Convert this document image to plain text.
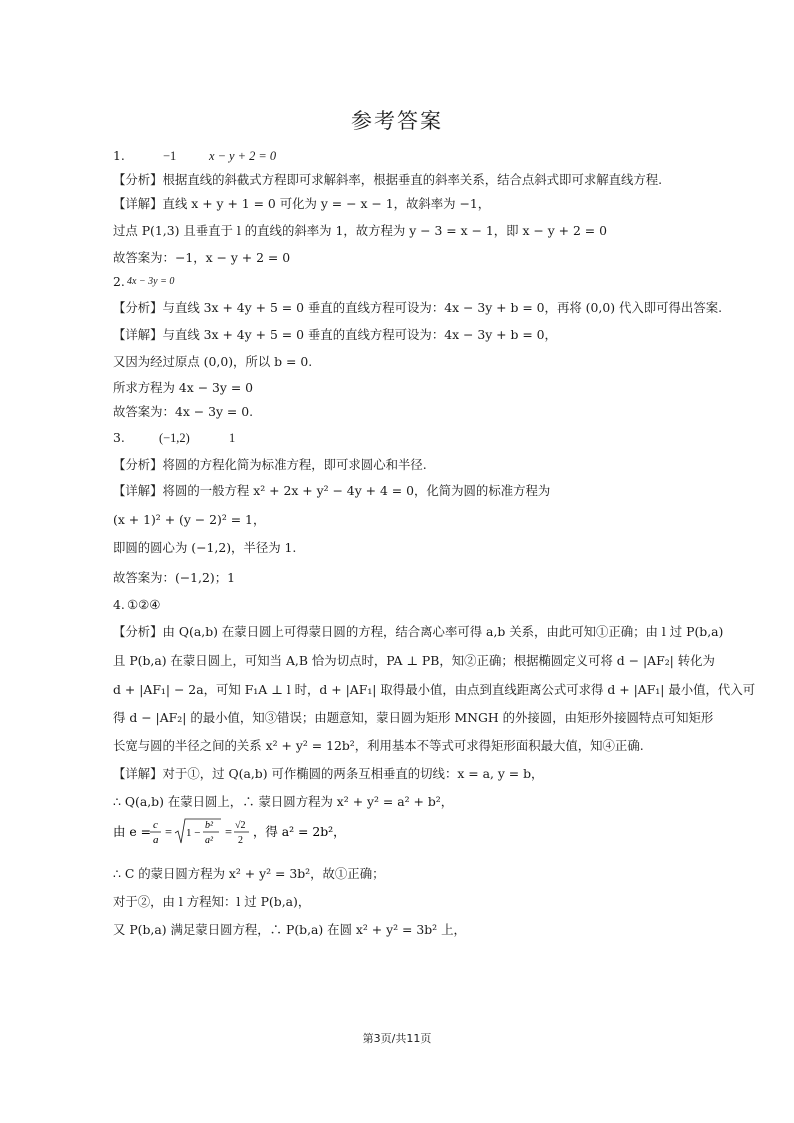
参考答案
1.	−1	x − y + 2 = 0
【分析】根据直线的斜截式方程即可求解斜率，根据垂直的斜率关系，结合点斜式即可求解直线方程.
【详解】直线 x + y + 1 = 0 可化为 y = − x − 1，故斜率为 −1，
过点 P(1,3) 且垂直于 l 的直线的斜率为 1，故方程为 y − 3 = x − 1，即 x − y + 2 = 0
故答案为：−1，x − y + 2 = 0
2. 4x − 3y = 0
【分析】与直线 3x + 4y + 5 = 0 垂直的直线方程可设为：4x − 3y + b = 0，再将 (0,0) 代入即可得出答案.
【详解】与直线 3x + 4y + 5 = 0 垂直的直线方程可设为：4x − 3y + b = 0，
又因为经过原点 (0,0)，所以 b = 0.
所求方程为 4x − 3y = 0
故答案为：4x − 3y = 0.
3.	(−1,2)	1
【分析】将圆的方程化简为标准方程，即可求圆心和半径.
【详解】将圆的一般方程 x² + 2x + y² − 4y + 4 = 0，化简为圆的标准方程为
(x + 1)² + (y − 2)² = 1，
即圆的圆心为 (−1,2)，半径为 1.
故答案为：(−1,2)；1
4. ①②④
【分析】由 Q(a,b) 在蒙日圆上可得蒙日圆的方程，结合离心率可得 a,b 关系，由此可知①正确；由 l 过 P(b,a)
且 P(b,a) 在蒙日圆上，可知当 A,B 恰为切点时，PA ⊥ PB，知②正确；根据椭圆定义可将 d − |AF₂| 转化为
d + |AF₁| − 2a，可知 F₁A ⊥ l 时，d + |AF₁| 取得最小值，由点到直线距离公式可求得 d + |AF₁| 最小值，代入可
得 d − |AF₂| 的最小值，知③错误；由题意知，蒙日圆为矩形 MNGH 的外接圆，由矩形外接圆特点可知矩形
长宽与圆的半径之间的关系 x² + y² = 12b²，利用基本不等式可求得矩形面积最大值，知④正确.
【详解】对于①，过 Q(a,b) 可作椭圆的两条互相垂直的切线：x = a, y = b，
∴ Q(a,b) 在蒙日圆上，∴ 蒙日圆方程为 x² + y² = a² + b²，
由 e = c
a
= 1 −
b²
a²
= √2
2
，得 a² = 2b²，
∴ C 的蒙日圆方程为 x² + y² = 3b²，故①正确；
对于②，由 l 方程知：l 过 P(b,a)，
又 P(b,a) 满足蒙日圆方程，∴ P(b,a) 在圆 x² + y² = 3b² 上，
第3页/共11页
